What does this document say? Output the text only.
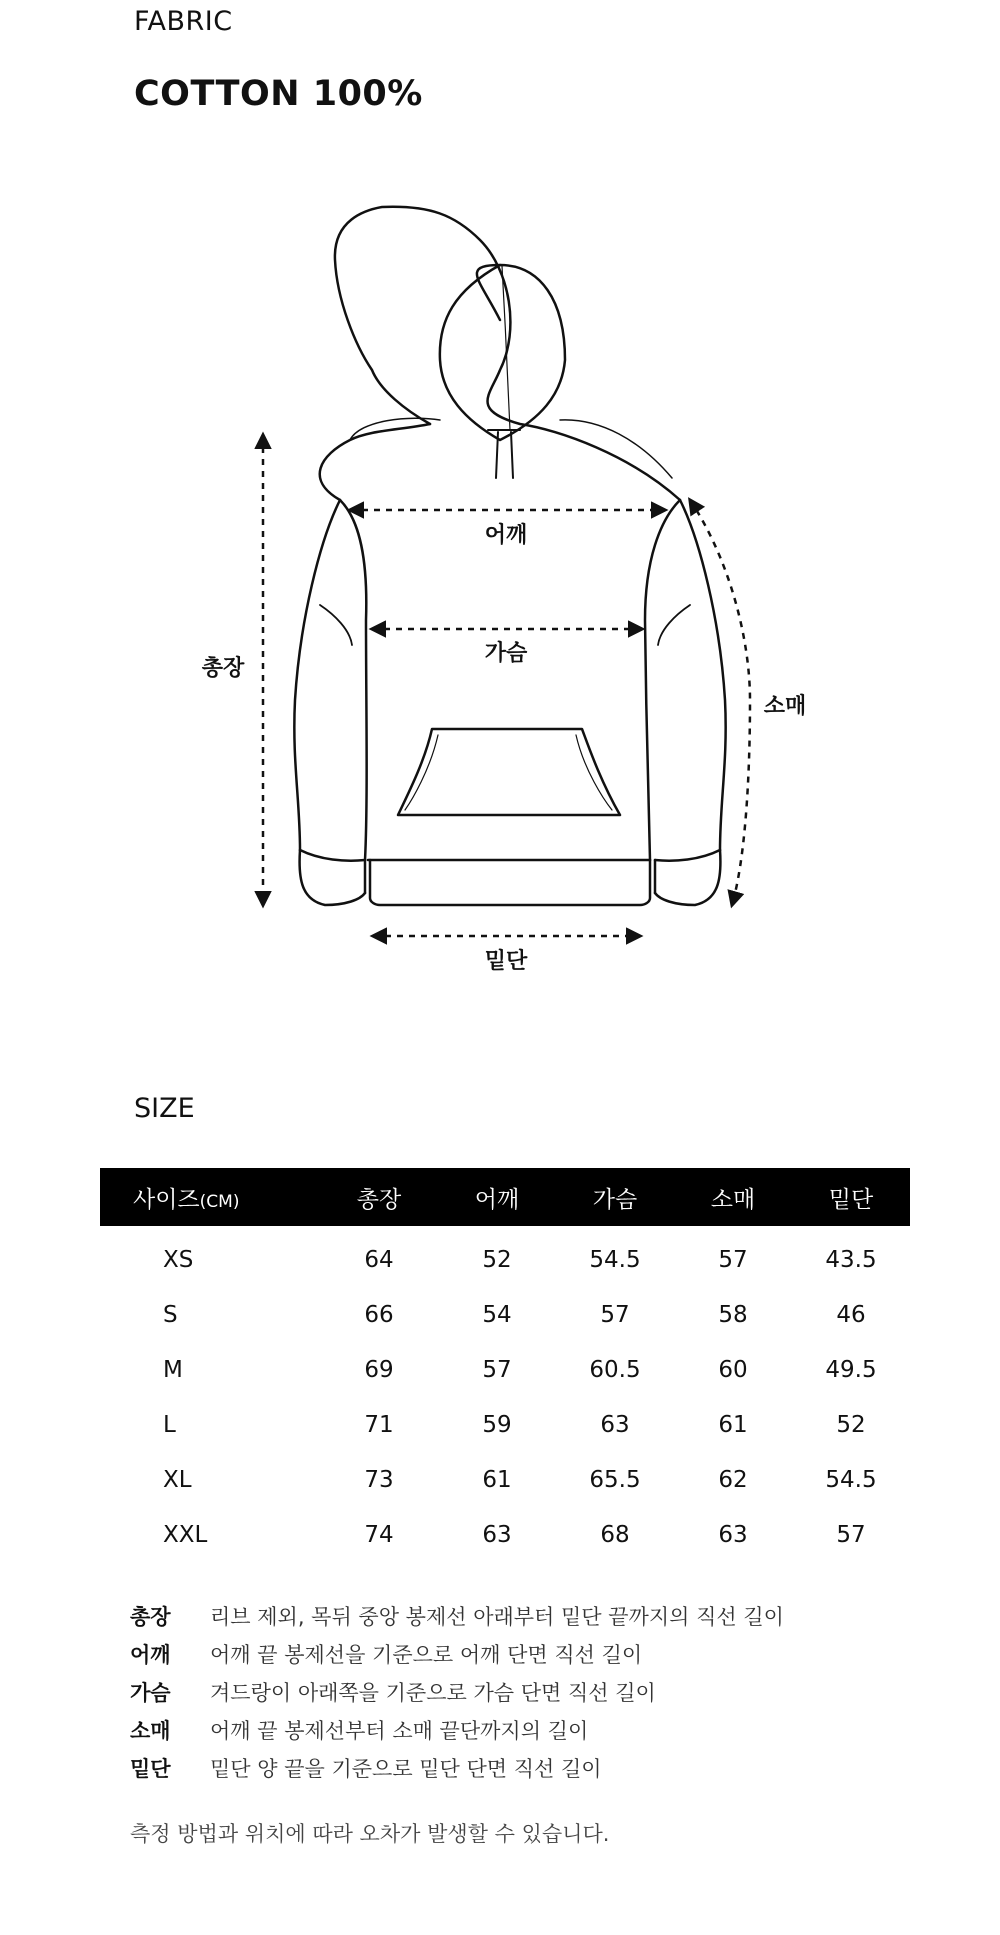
FABRIC
COTTON 100%
어깨
가슴
총장
소매
밑단
SIZE
사이즈(CM)	총장	어깨	가슴	소매	밑단
XS	64	52	54.5	57	43.5
S	66	54	57	58	46
M	69	57	60.5	60	49.5
L	71	59	63	61	52
XL	73	61	65.5	62	54.5
XXL	74	63	68	63	57
총장	리브 제외, 목뒤 중앙 봉제선 아래부터 밑단 끝까지의 직선 길이
어깨	어깨 끝 봉제선을 기준으로 어깨 단면 직선 길이
가슴	겨드랑이 아래쪽을 기준으로 가슴 단면 직선 길이
소매	어깨 끝 봉제선부터 소매 끝단까지의 길이
밑단	밑단 양 끝을 기준으로 밑단 단면 직선 길이
측정 방법과 위치에 따라 오차가 발생할 수 있습니다.
